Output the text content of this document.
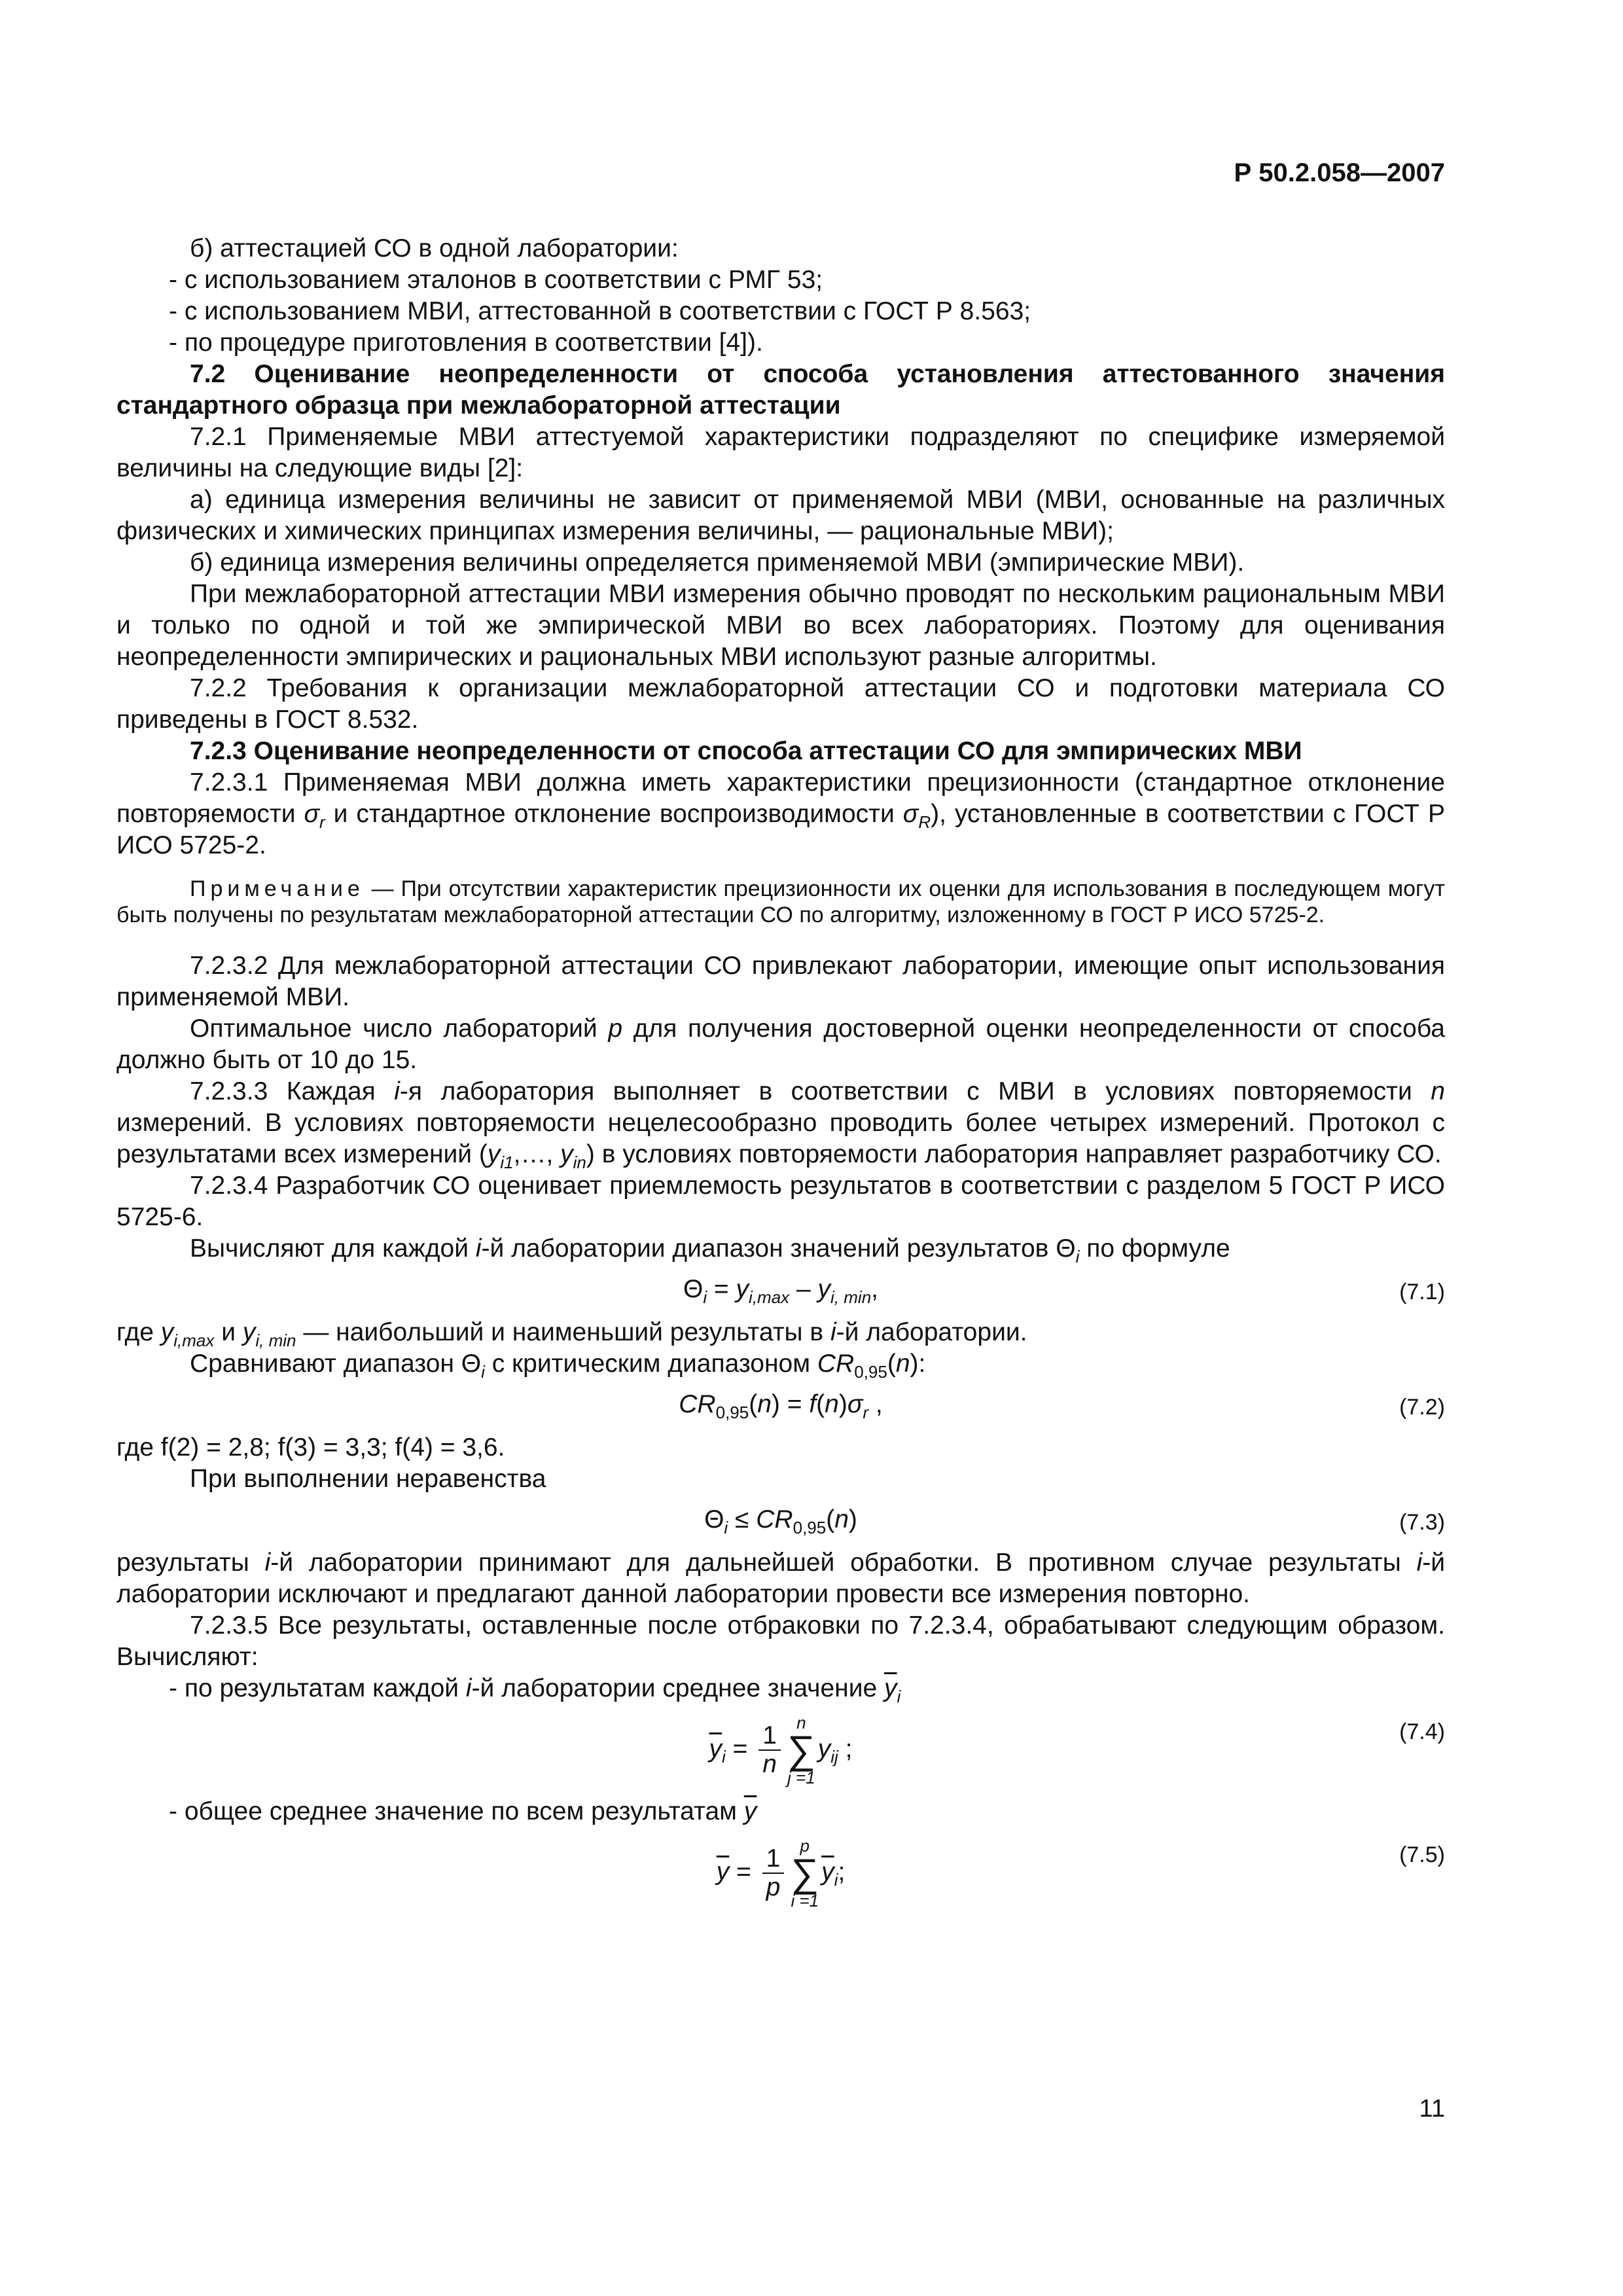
Р 50.2.058—2007

б) аттестацией СО в одной лаборатории:

- с использованием эталонов в соответствии с РМГ 53;

- с использованием МВИ, аттестованной в соответствии с ГОСТ Р 8.563;

- по процедуре приготовления в соответствии [4]).

7.2 Оценивание неопределенности от способа установления аттестованного значения стандартного образца при межлабораторной аттестации

7.2.1 Применяемые МВИ аттестуемой характеристики подразделяют по специфике измеряемой величины на следующие виды [2]:

а) единица измерения величины не зависит от применяемой МВИ (МВИ, основанные на различных физических и химических принципах измерения величины, — рациональные МВИ);

б) единица измерения величины определяется применяемой МВИ (эмпирические МВИ).

При межлабораторной аттестации МВИ измерения обычно проводят по нескольким рациональным МВИ и только по одной и той же эмпирической МВИ во всех лабораториях. Поэтому для оценивания неопределенности эмпирических и рациональных МВИ используют разные алгоритмы.

7.2.2 Требования к организации межлабораторной аттестации СО и подготовки материала СО приведены в ГОСТ 8.532.

7.2.3 Оценивание неопределенности от способа аттестации СО для эмпирических МВИ

7.2.3.1 Применяемая МВИ должна иметь характеристики прецизионности (стандартное отклонение повторяемости $\sigma_r$ и стандартное отклонение воспроизводимости $\sigma_R$), установленные в соответствии с ГОСТ Р ИСО 5725-2.

Примечание — При отсутствии характеристик прецизионности их оценки для использования в последующем могут быть получены по результатам межлабораторной аттестации СО по алгоритму, изложенному в ГОСТ Р ИСО 5725-2.

7.2.3.2 Для межлабораторной аттестации СО привлекают лаборатории, имеющие опыт использования применяемой МВИ.

Оптимальное число лабораторий p для получения достоверной оценки неопределенности от способа должно быть от 10 до 15.

7.2.3.3 Каждая i-я лаборатория выполняет в соответствии с МВИ в условиях повторяемости n измерений. В условиях повторяемости нецелесообразно проводить более четырех измерений. Протокол с результатами всех измерений ($y_{i1},\dots$, $y_{in}$) в условиях повторяемости лаборатория направляет разработчику СО.

7.2.3.4 Разработчик СО оценивает приемлемость результатов в соответствии с разделом 5 ГОСТ Р ИСО 5725-6.

Вычисляют для каждой i-й лаборатории диапазон значений результатов $\Theta_i$ по формуле

$\Theta_i = y_{i,max} - y_{i, min}$,	(7.1)

где $y_{i,max}$ и $y_{i, min}$ — наибольший и наименьший результаты в i-й лаборатории.

Сравнивают диапазон $\Theta_i$ с критическим диапазоном $CR_{0,95}(n)$:

$CR_{0,95}(n) = f(n)\sigma_r$ ,	(7.2)

где f(2) = 2,8; f(3) = 3,3; f(4) = 3,6.

При выполнении неравенства

$\Theta_i \le CR_{0,95}(n)$	(7.3)

результаты i-й лаборатории принимают для дальнейшей обработки. В противном случае результаты i-й лаборатории исключают и предлагают данной лаборатории провести все измерения повторно.

7.2.3.5 Все результаты, оставленные после отбраковки по 7.2.3.4, обрабатывают следующим образом. Вычисляют:

- по результатам каждой i-й лаборатории среднее значение $\overline{y}_i$

$\overline{y}_i = \frac{1}{n}$ n
∑
j =1
$y_{ij}$ ;
(7.4)

- общее среднее значение по всем результатам $\overline{y}$

$\overline{y} = \frac{1}{p}$ p
∑
i =1
$\overline{y}_i$;
(7.5)
11
